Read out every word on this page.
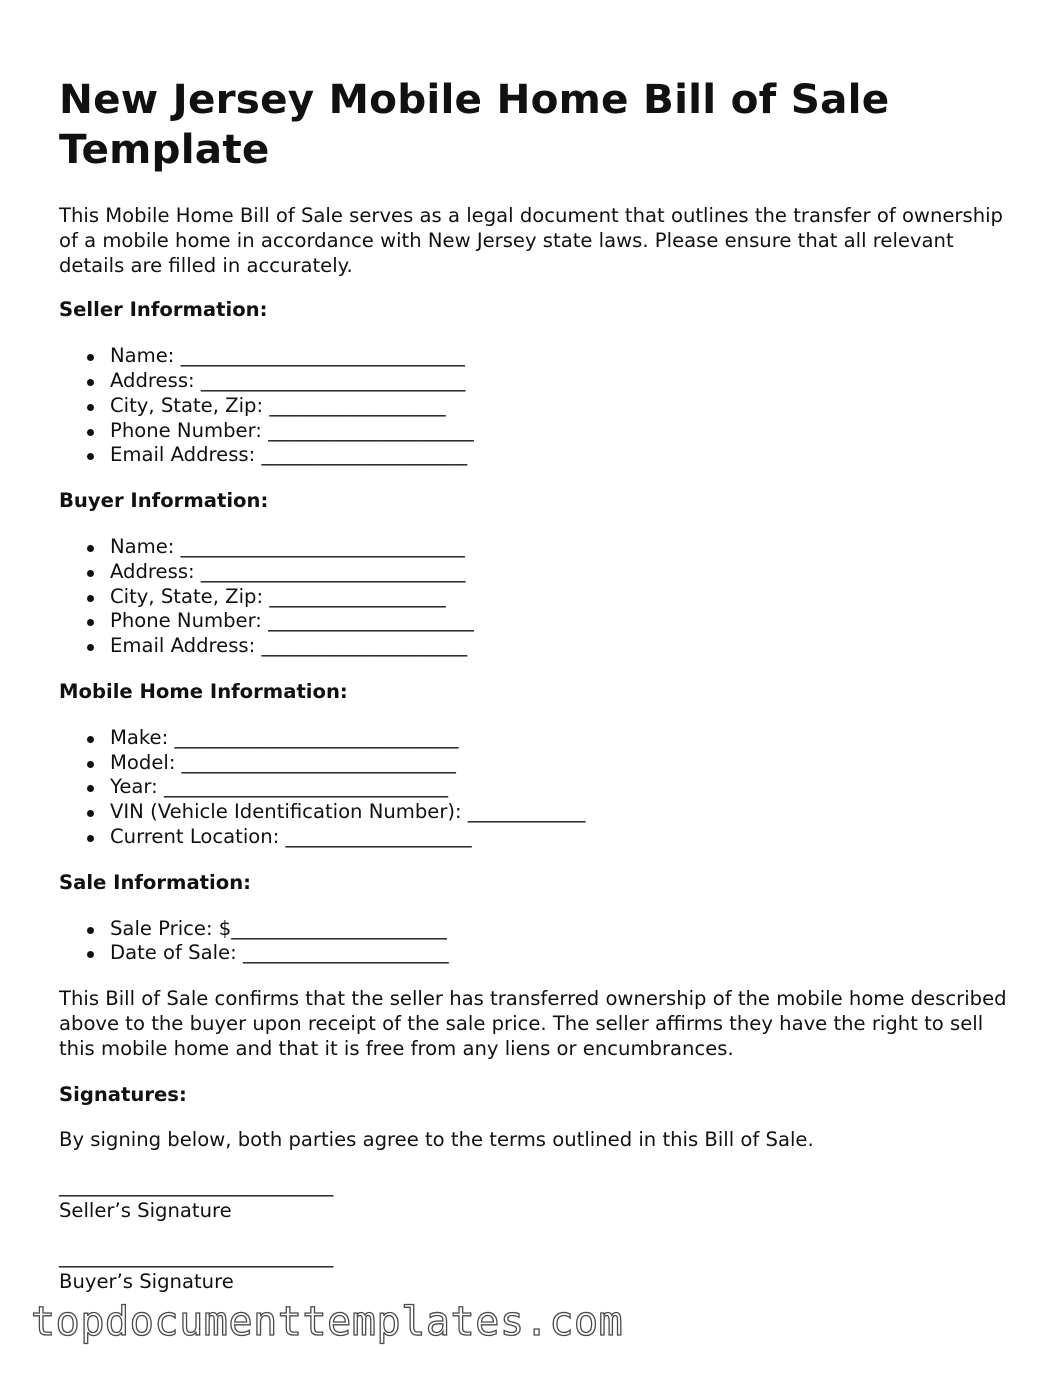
New Jersey Mobile Home Bill of Sale Template

This Mobile Home Bill of Sale serves as a legal document that outlines the transfer of ownership of a mobile home in accordance with New Jersey state laws. Please ensure that all relevant details are filled in accurately.

Seller Information:
Name: _____________________________
Address: ___________________________
City, State, Zip: __________________
Phone Number: _____________________
Email Address: _____________________
Buyer Information:
Name: _____________________________
Address: ___________________________
City, State, Zip: __________________
Phone Number: _____________________
Email Address: _____________________
Mobile Home Information:
Make: _____________________________
Model: ____________________________
Year: _____________________________
VIN (Vehicle Identification Number): ____________
Current Location: ___________________
Sale Information:
Sale Price: $______________________
Date of Sale: _____________________

This Bill of Sale confirms that the seller has transferred ownership of the mobile home described above to the buyer upon receipt of the sale price. The seller affirms they have the right to sell this mobile home and that it is free from any liens or encumbrances.

Signatures:

By signing below, both parties agree to the terms outlined in this Bill of Sale.

____________________________
Seller’s Signature
____________________________
Buyer’s Signature
topdocumenttemplates.com
